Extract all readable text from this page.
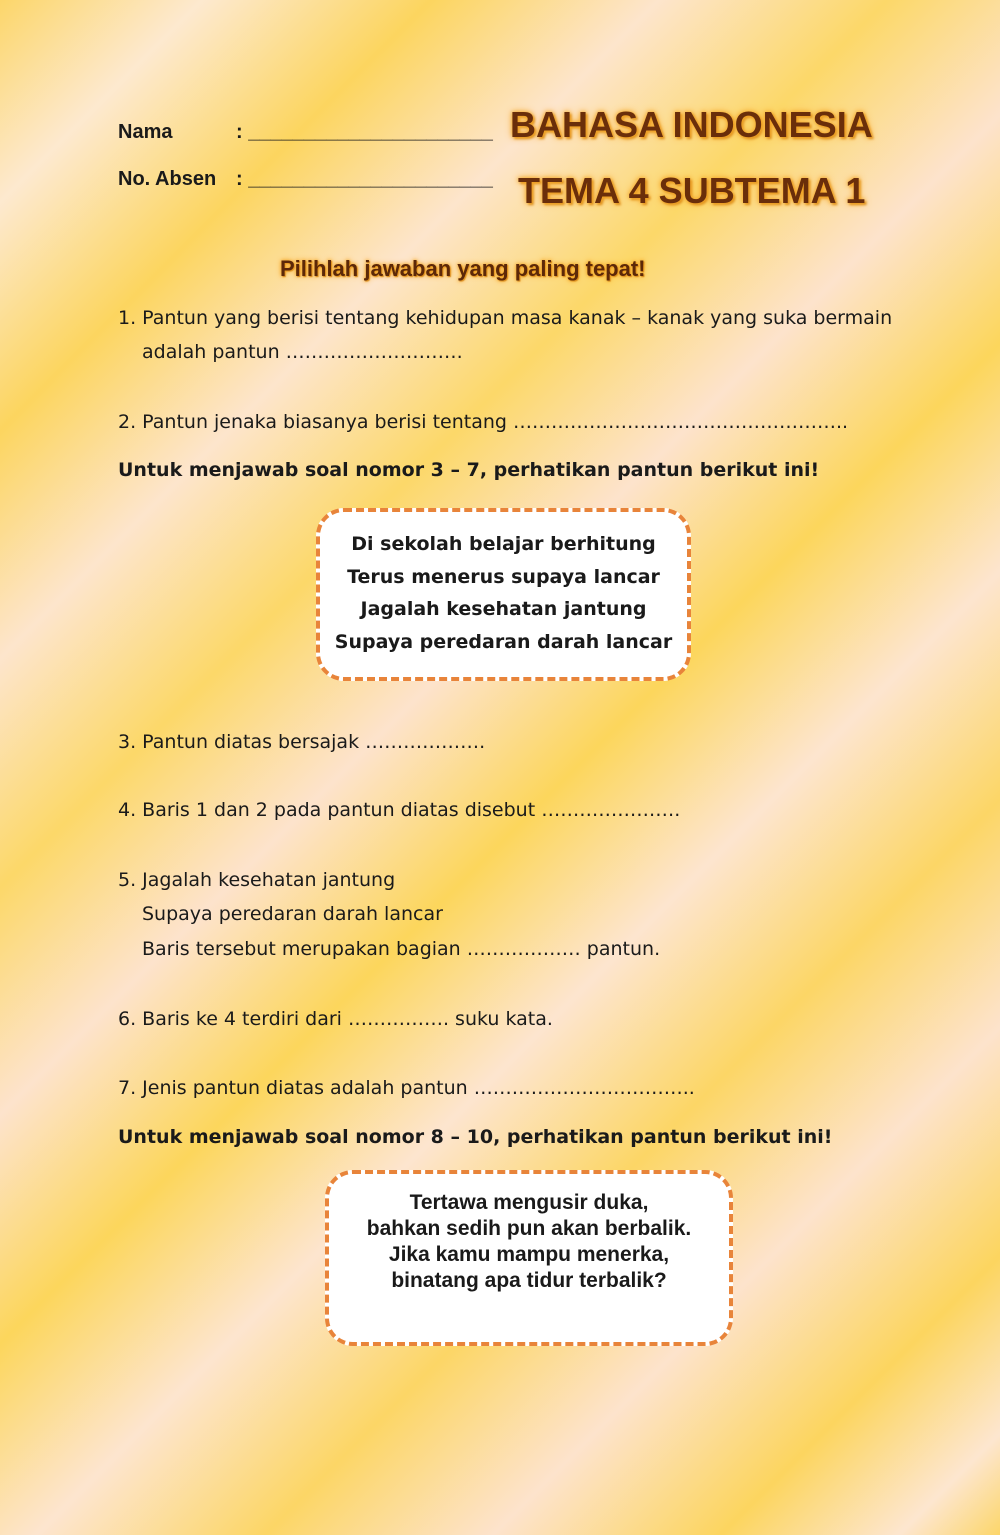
Nama	: ______________________
No. Absen : ______________________
BAHASA INDONESIA
TEMA 4 SUBTEMA 1
Pilihlah jawaban yang paling tepat!
1. Pantun yang berisi tentang kehidupan masa kanak – kanak yang suka bermain
adalah pantun ……………………….
2. Pantun jenaka biasanya berisi tentang ……………………………………………..
Untuk menjawab soal nomor 3 – 7, perhatikan pantun berikut ini!
Di sekolah belajar berhitung
Terus menerus supaya lancar
Jagalah kesehatan jantung
Supaya peredaran darah lancar
3. Pantun diatas bersajak ……………….
4. Baris 1 dan 2 pada pantun diatas disebut ………………….
5. Jagalah kesehatan jantung
Supaya peredaran darah lancar
Baris tersebut merupakan bagian ……………… pantun.
6. Baris ke 4 terdiri dari ……………. suku kata.
7. Jenis pantun diatas adalah pantun ……………………………..
Untuk menjawab soal nomor 8 – 10, perhatikan pantun berikut ini!
Tertawa mengusir duka,
bahkan sedih pun akan berbalik.
Jika kamu mampu menerka,
binatang apa tidur terbalik?
